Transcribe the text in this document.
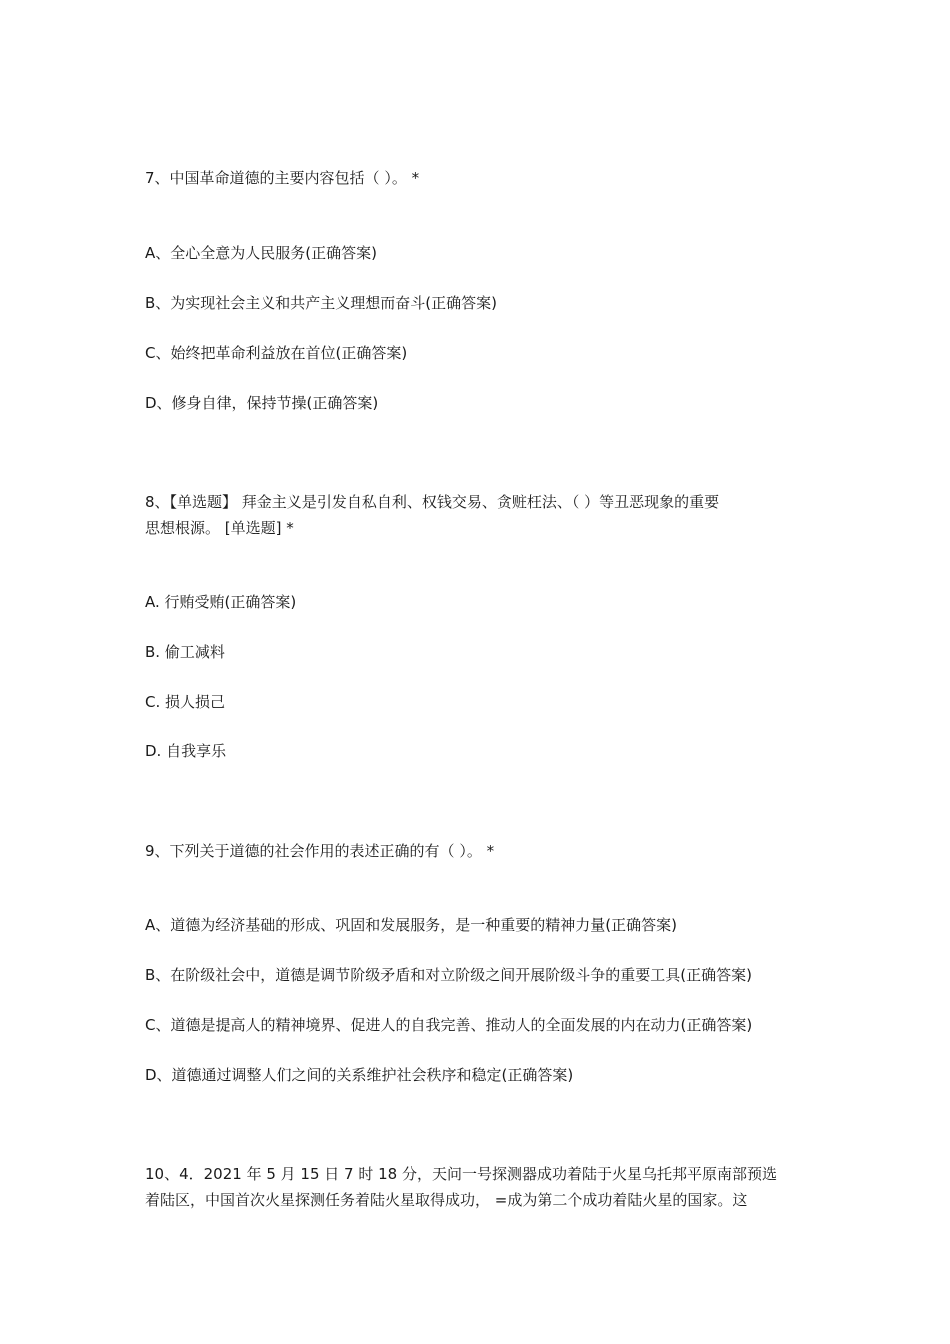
7、中国革命道德的主要内容包括（ ）。 *
A、全心全意为人民服务(正确答案)
B、为实现社会主义和共产主义理想而奋斗(正确答案)
C、始终把革命利益放在首位(正确答案)
D、修身自律，保持节操(正确答案)
8、【单选题】 拜金主义是引发自私自利、权钱交易、贪赃枉法、（ ）等丑恶现象的重要
思想根源。 [单选题] *
A. 行贿受贿(正确答案)
B. 偷工减料
C. 损人损己
D. 自我享乐
9、下列关于道德的社会作用的表述正确的有（ ）。 *
A、道德为经济基础的形成、巩固和发展服务，是一种重要的精神力量(正确答案)
B、在阶级社会中，道德是调节阶级矛盾和对立阶级之间开展阶级斗争的重要工具(正确答案)
C、道德是提高人的精神境界、促进人的自我完善、推动人的全面发展的内在动力(正确答案)
D、道德通过调整人们之间的关系维护社会秩序和稳定(正确答案)
10、4．2021 年 5 月 15 日 7 时 18 分，天问一号探测器成功着陆于火星乌托邦平原南部预选
着陆区，中国首次火星探测任务着陆火星取得成功， =成为第二个成功着陆火星的国家。这
